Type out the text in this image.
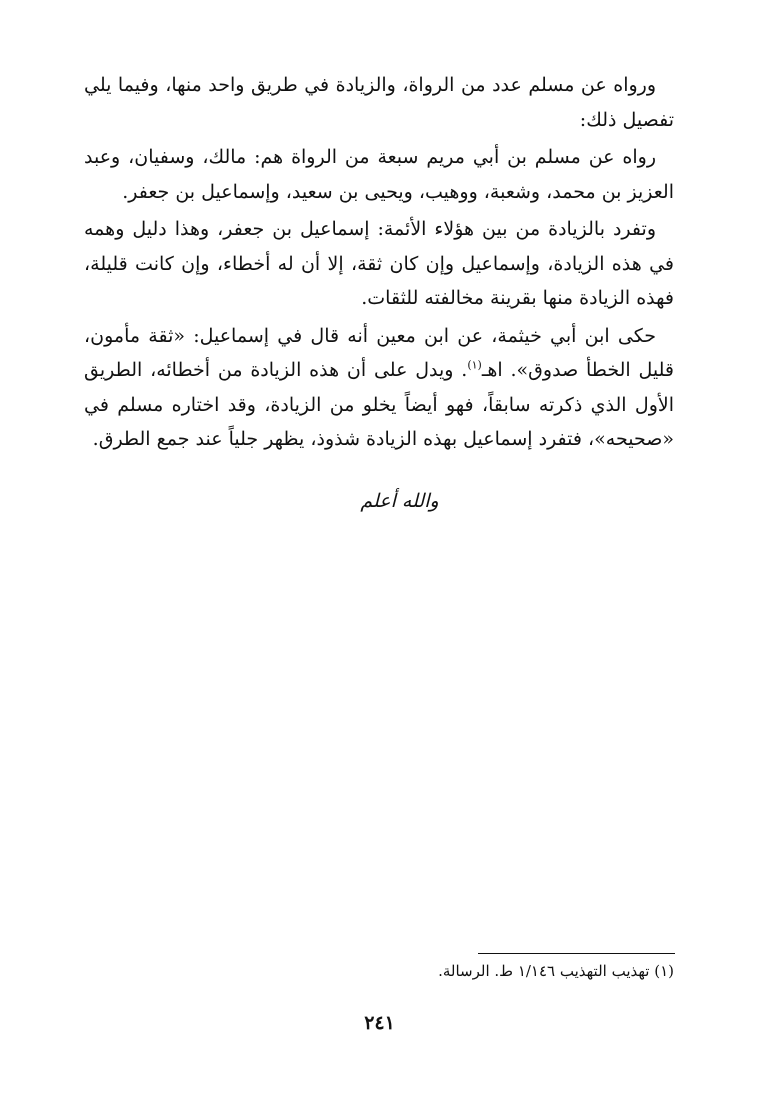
ورواه عن مسلم عدد من الرواة، والزيادة في طريق واحد منها، وفيما يلي تفصيل ذلك:

رواه عن مسلم بن أبي مريم سبعة من الرواة هم: مالك، وسفيان، وعبد العزيز بن محمد، وشعبة، ووهيب، ويحيى بن سعيد، وإسماعيل بن جعفر.

وتفرد بالزيادة من بين هؤلاء الأئمة: إسماعيل بن جعفر، وهذا دليل وهمه في هذه الزيادة، وإسماعيل وإن كان ثقة، إلا أن له أخطاء، وإن كانت قليلة، فهذه الزيادة منها بقرينة مخالفته للثقات.

حكى ابن أبي خيثمة، عن ابن معين أنه قال في إسماعيل: «ثقة مأمون، قليل الخطأ صدوق». اهـ$^{(١)}$. ويدل على أن هذه الزيادة من أخطائه، الطريق الأول الذي ذكرته سابقاً، فهو أيضاً يخلو من الزيادة، وقد اختاره مسلم في «صحيحه»، فتفرد إسماعيل بهذه الزيادة شذوذ، يظهر جلياً عند جمع الطرق.

والله أعلم
(١) تهذيب التهذيب ١/١٤٦ ط. الرسالة.
٢٤١
